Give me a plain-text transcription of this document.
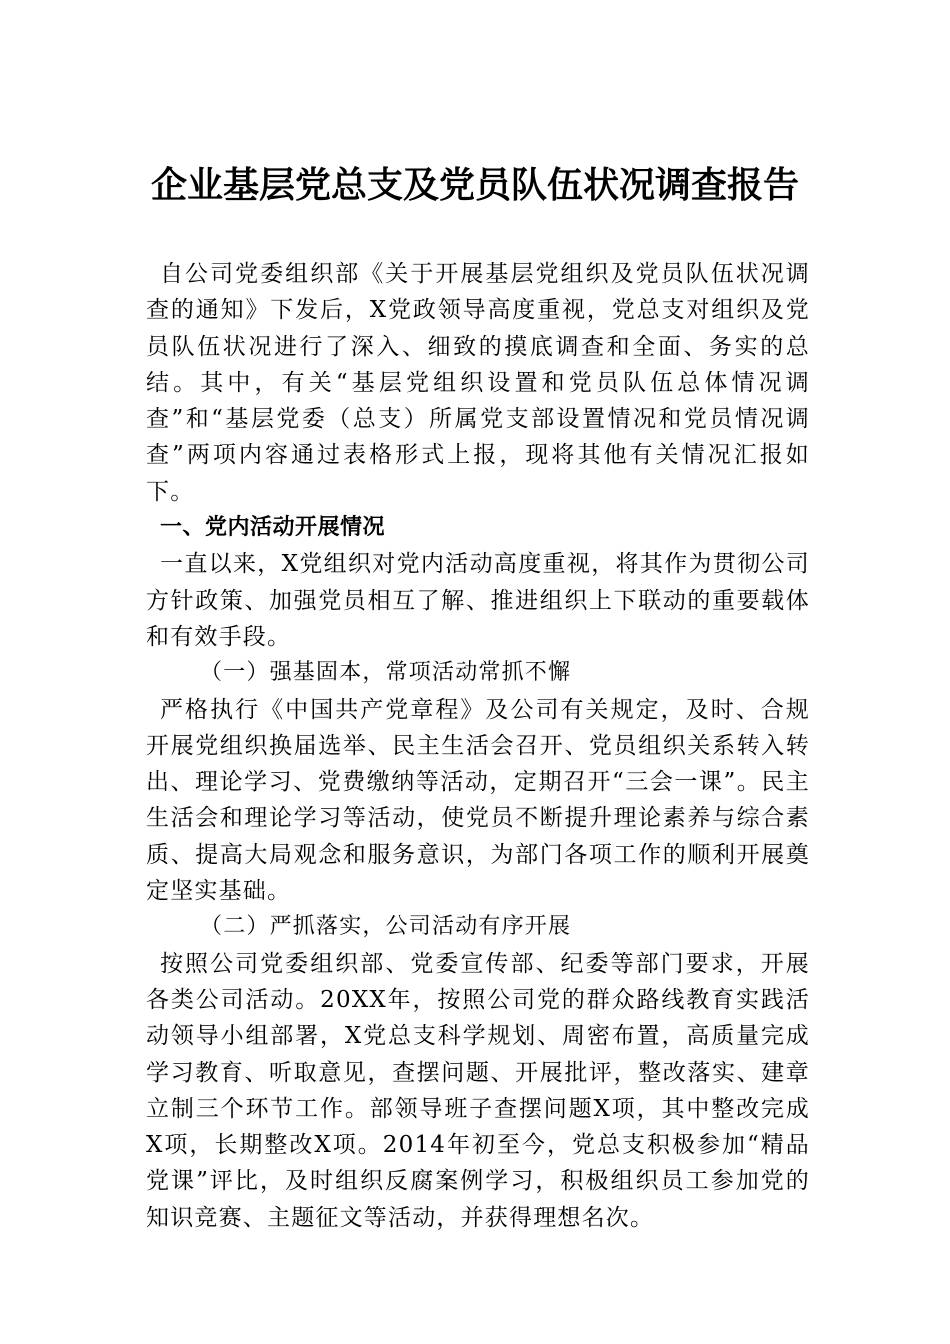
企业基层党总支及党员队伍状况调查报告

自公司党委组织部《关于开展基层党组织及党员队伍状况调查的通知》下发后，X党政领导高度重视，党总支对组织及党员队伍状况进行了深入、细致的摸底调查和全面、务实的总结。其中，有关“基层党组织设置和党员队伍总体情况调查”和“基层党委（总支）所属党支部设置情况和党员情况调查”两项内容通过表格形式上报，现将其他有关情况汇报如下。

一、党内活动开展情况

一直以来，X党组织对党内活动高度重视，将其作为贯彻公司方针政策、加强党员相互了解、推进组织上下联动的重要载体和有效手段。

（一）强基固本，常项活动常抓不懈

严格执行《中国共产党章程》及公司有关规定，及时、合规开展党组织换届选举、民主生活会召开、党员组织关系转入转出、理论学习、党费缴纳等活动，定期召开“三会一课”。民主生活会和理论学习等活动，使党员不断提升理论素养与综合素质、提高大局观念和服务意识，为部门各项工作的顺利开展奠定坚实基础。

（二）严抓落实，公司活动有序开展

按照公司党委组织部、党委宣传部、纪委等部门要求，开展各类公司活动。20XX年，按照公司党的群众路线教育实践活动领导小组部署，X党总支科学规划、周密布置，高质量完成学习教育、听取意见，查摆问题、开展批评，整改落实、建章立制三个环节工作。部领导班子查摆问题X项，其中整改完成X项，长期整改X项。2014年初至今，党总支积极参加“精品党课”评比，及时组织反腐案例学习，积极组织员工参加党的知识竞赛、主题征文等活动，并获得理想名次。
